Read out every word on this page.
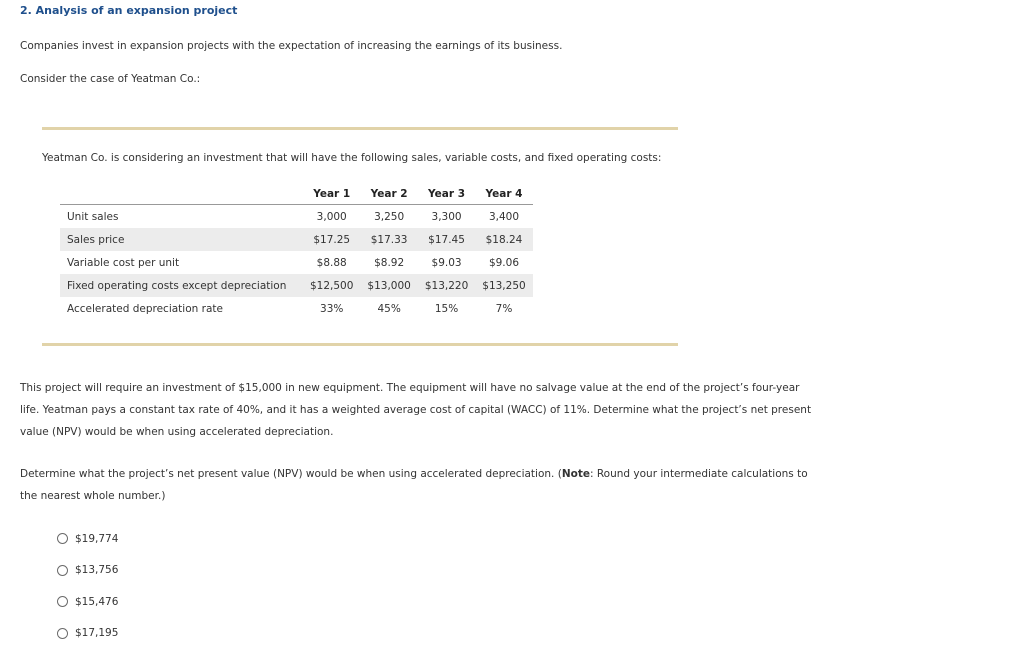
2. Analysis of an expansion project

Companies invest in expansion projects with the expectation of increasing the earnings of its business.

Consider the case of Yeatman Co.:

Yeatman Co. is considering an investment that will have the following sales, variable costs, and fixed operating costs:
	Year 1	Year 2	Year 3	Year 4
Unit sales	3,000	3,250	3,300	3,400
Sales price	$17.25	$17.33	$17.45	$18.24
Variable cost per unit	$8.88	$8.92	$9.03	$9.06
Fixed operating costs except depreciation	$12,500	$13,000	$13,220	$13,250
Accelerated depreciation rate	33%	45%	15%	7%

This project will require an investment of $15,000 in new equipment. The equipment will have no salvage value at the end of the project’s four-year

life. Yeatman pays a constant tax rate of 40%, and it has a weighted average cost of capital (WACC) of 11%. Determine what the project’s net present

value (NPV) would be when using accelerated depreciation.

Determine what the project’s net present value (NPV) would be when using accelerated depreciation. (Note: Round your intermediate calculations to

the nearest whole number.)

$19,774
$13,756
$15,476
$17,195
